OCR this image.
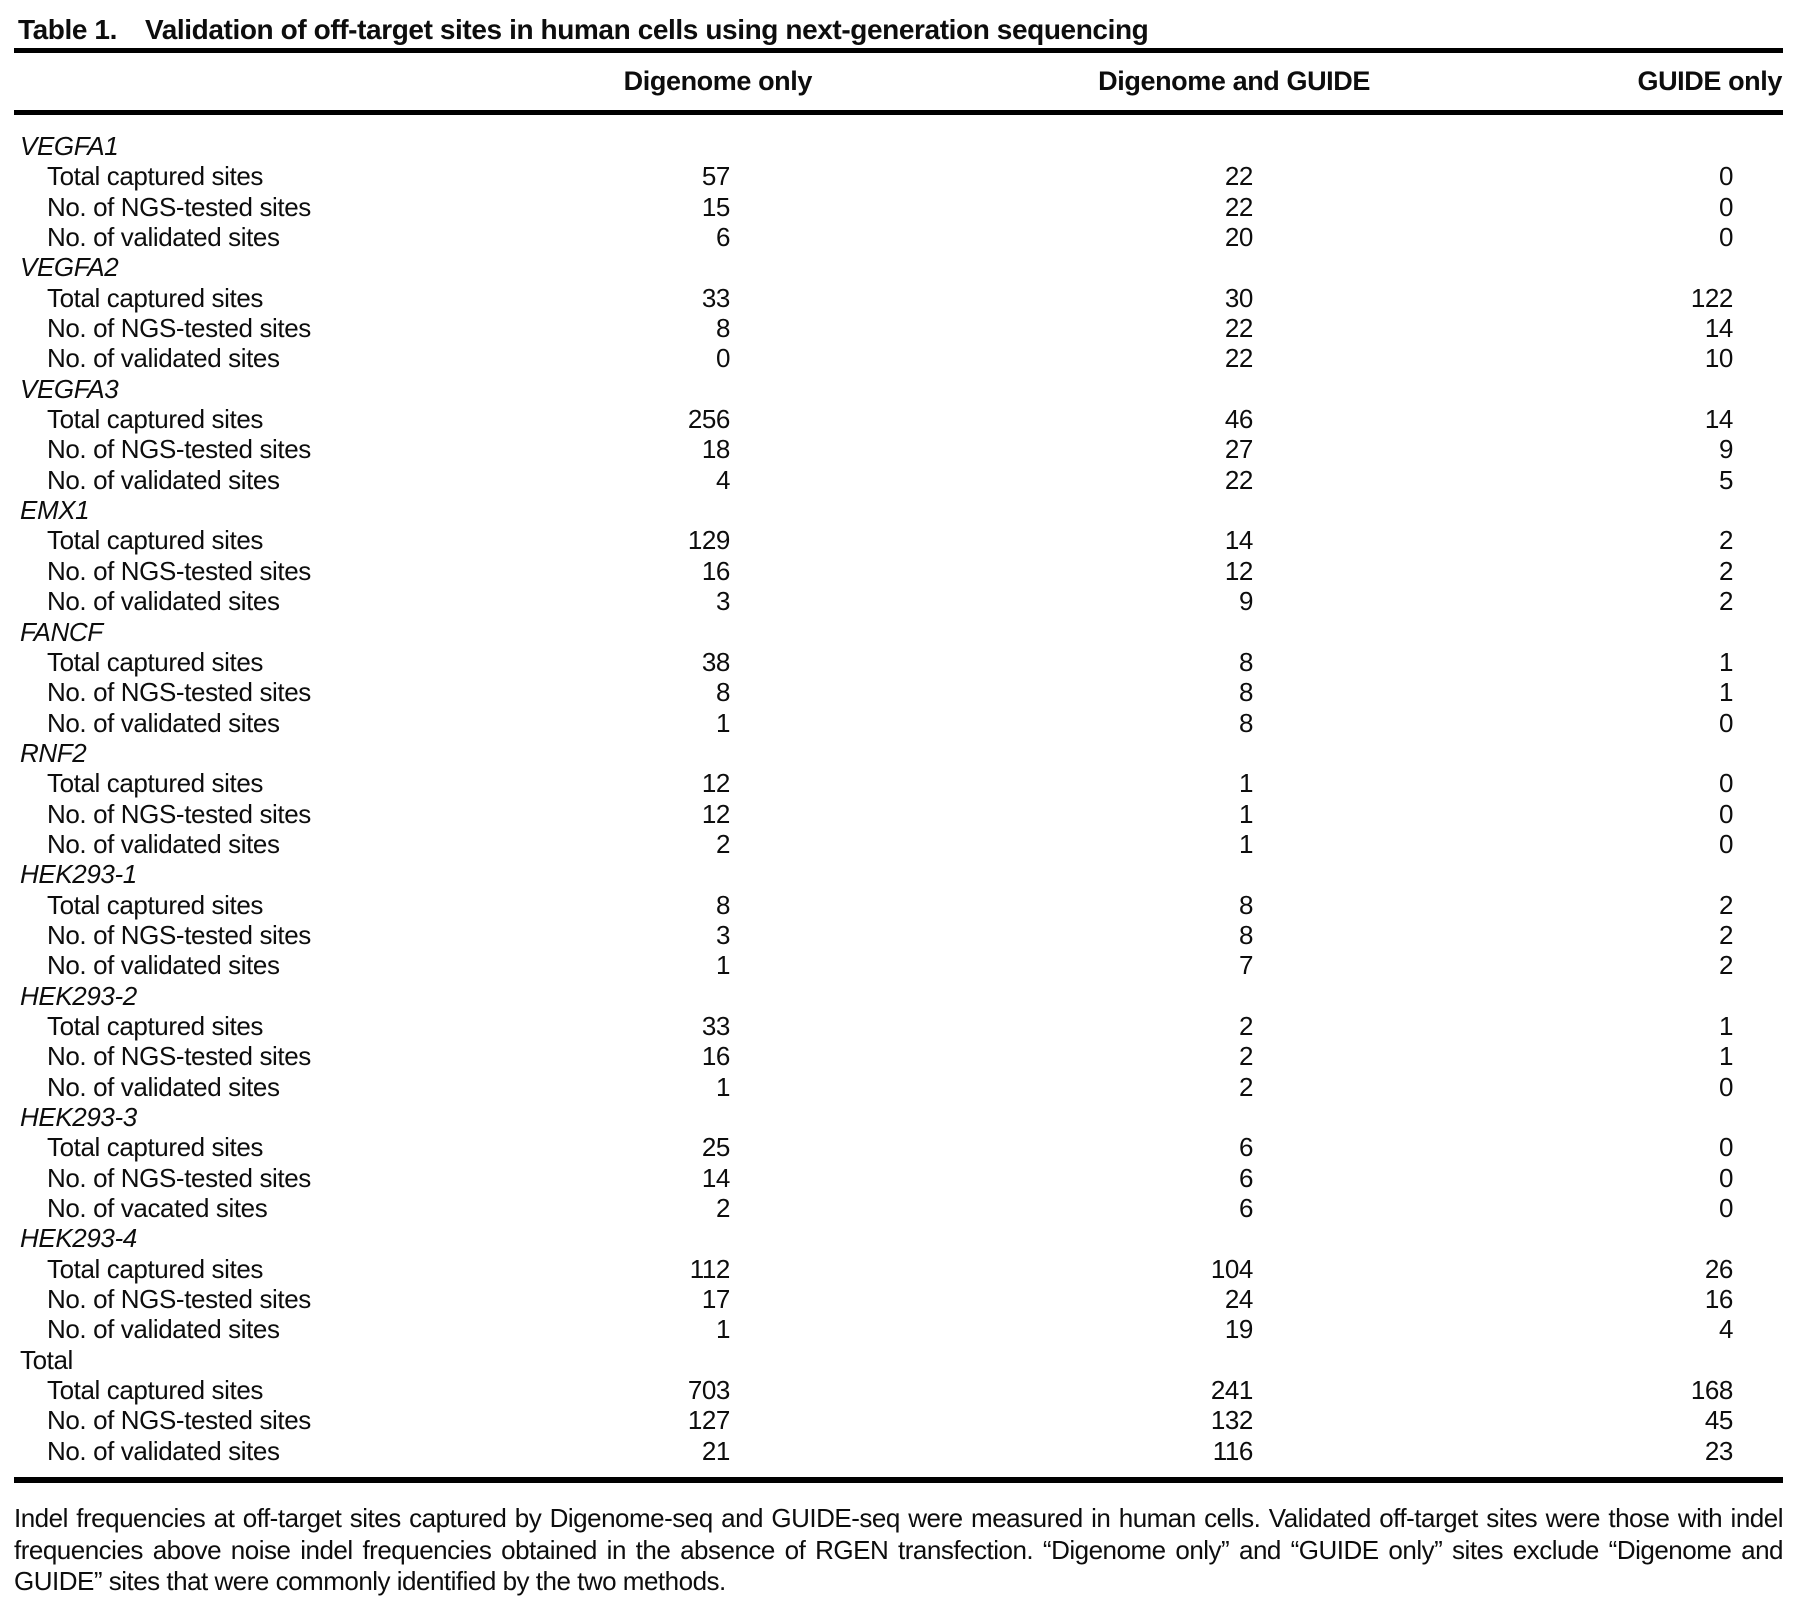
Table 1. Validation of off-target sites in human cells using next-generation sequencing
Digenome only	Digenome and GUIDE	GUIDE only
VEGFA1
Total captured sites	57	22	0
No. of NGS-tested sites	15	22	0
No. of validated sites	6	20	0
VEGFA2
Total captured sites	33	30	122
No. of NGS-tested sites	8	22	14
No. of validated sites	0	22	10
VEGFA3
Total captured sites	256	46	14
No. of NGS-tested sites	18	27	9
No. of validated sites	4	22	5
EMX1
Total captured sites	129	14	2
No. of NGS-tested sites	16	12	2
No. of validated sites	3	9	2
FANCF
Total captured sites	38	8	1
No. of NGS-tested sites	8	8	1
No. of validated sites	1	8	0
RNF2
Total captured sites	12	1	0
No. of NGS-tested sites	12	1	0
No. of validated sites	2	1	0
HEK293-1
Total captured sites	8	8	2
No. of NGS-tested sites	3	8	2
No. of validated sites	1	7	2
HEK293-2
Total captured sites	33	2	1
No. of NGS-tested sites	16	2	1
No. of validated sites	1	2	0
HEK293-3
Total captured sites	25	6	0
No. of NGS-tested sites	14	6	0
No. of vacated sites	2	6	0
HEK293-4
Total captured sites	112	104	26
No. of NGS-tested sites	17	24	16
No. of validated sites	1	19	4
Total
Total captured sites	703	241	168
No. of NGS-tested sites	127	132	45
No. of validated sites	21	116	23

Indel frequencies at off-target sites captured by Digenome-seq and GUIDE-seq were measured in human cells. Validated off-target sites were those with indel frequencies above noise indel frequencies obtained in the absence of RGEN transfection. “Digenome only” and “GUIDE only” sites exclude “Digenome and GUIDE” sites that were commonly identified by the two methods.
